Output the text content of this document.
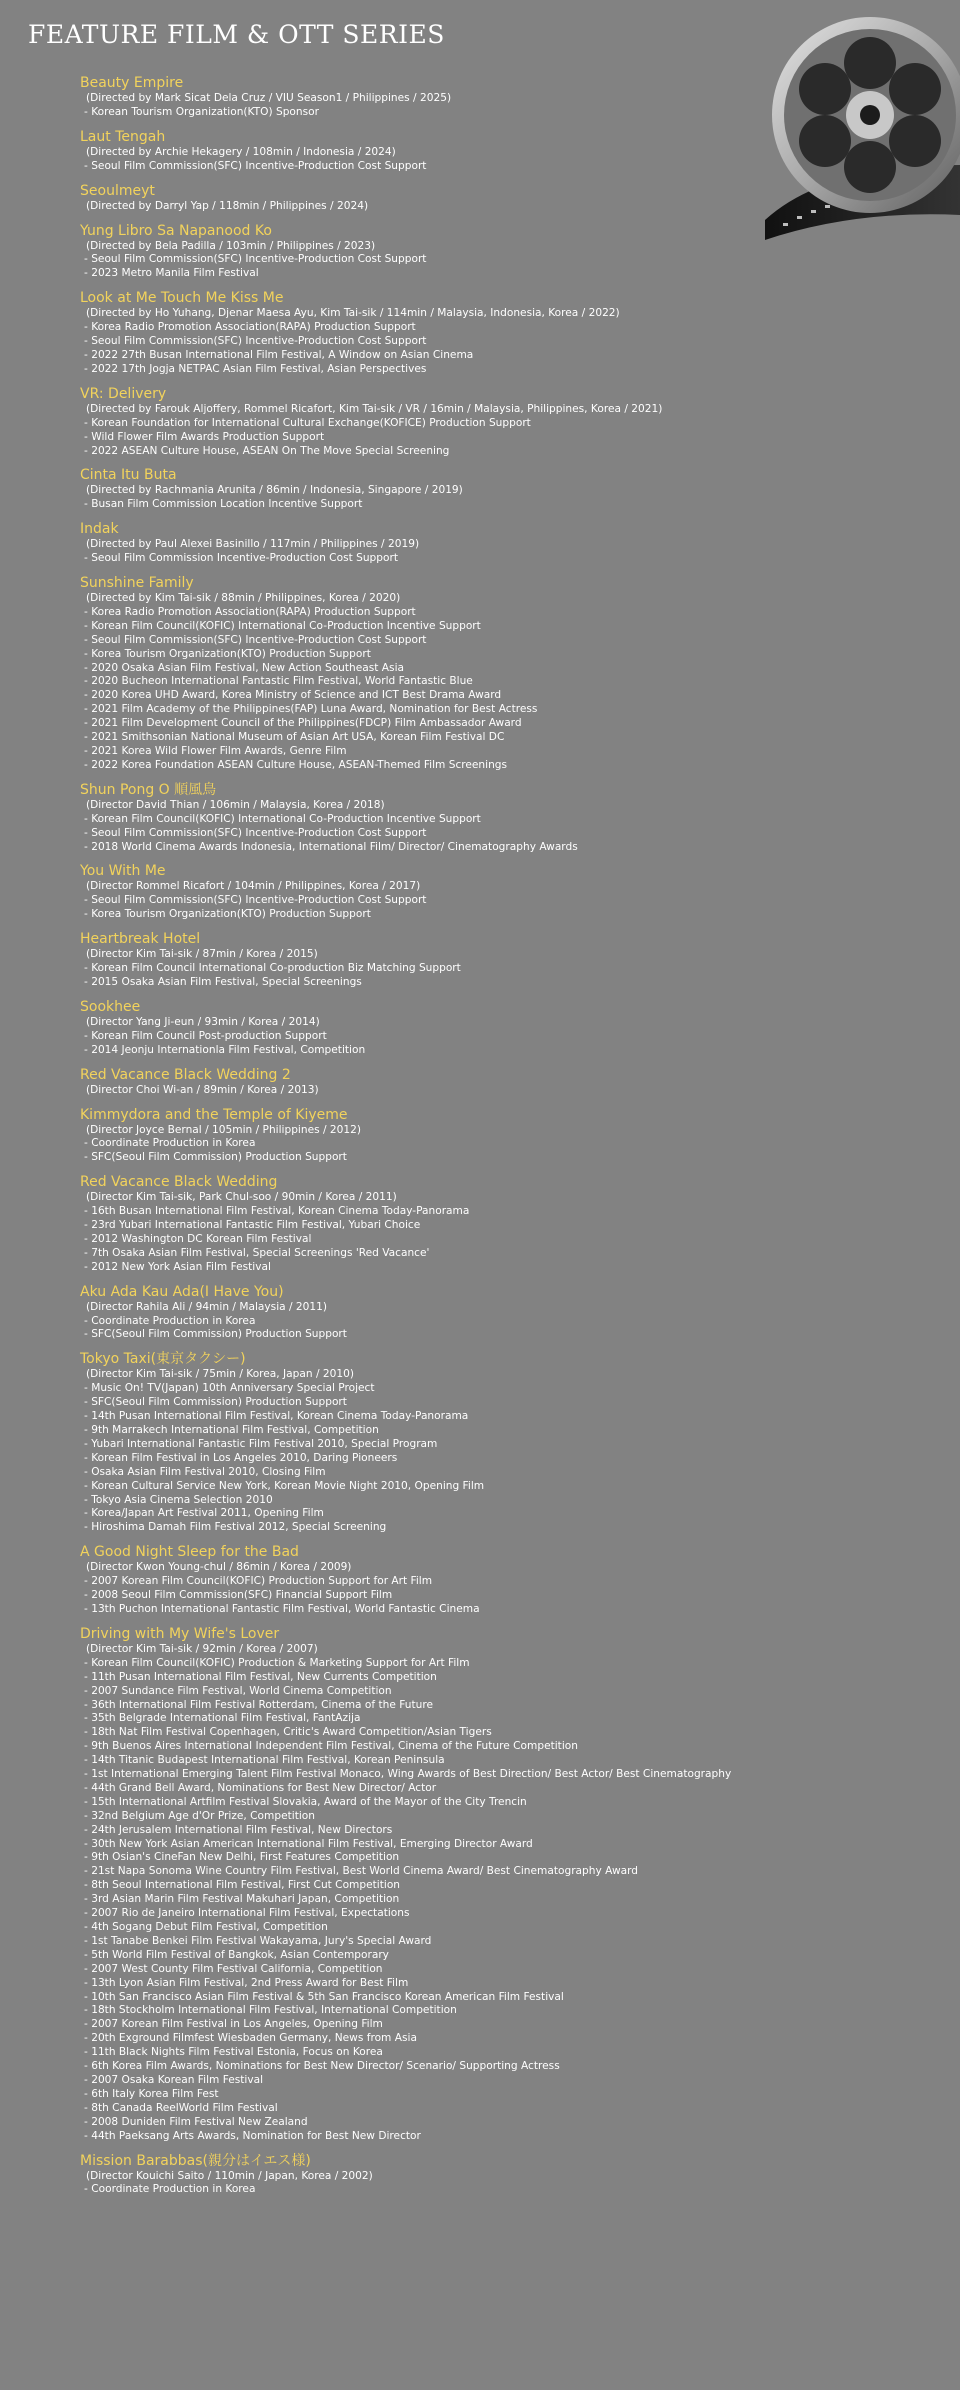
FEATURE FILM & OTT SERIES
Beauty Empire
(Directed by Mark Sicat Dela Cruz / VIU Season1 / Philippines / 2025)
- Korean Tourism Organization(KTO) Sponsor
Laut Tengah
(Directed by Archie Hekagery / 108min / Indonesia / 2024)
- Seoul Film Commission(SFC) Incentive-Production Cost Support
Seoulmeyt
(Directed by Darryl Yap / 118min / Philippines / 2024)
Yung Libro Sa Napanood Ko
(Directed by Bela Padilla / 103min / Philippines / 2023)
- Seoul Film Commission(SFC) Incentive-Production Cost Support
- 2023 Metro Manila Film Festival
Look at Me Touch Me Kiss Me
(Directed by Ho Yuhang, Djenar Maesa Ayu, Kim Tai-sik / 114min / Malaysia, Indonesia, Korea / 2022)
- Korea Radio Promotion Association(RAPA) Production Support
- Seoul Film Commission(SFC) Incentive-Production Cost Support
- 2022 27th Busan International Film Festival, A Window on Asian Cinema
- 2022 17th Jogja NETPAC Asian Film Festival, Asian Perspectives
VR: Delivery
(Directed by Farouk Aljoffery, Rommel Ricafort, Kim Tai-sik / VR / 16min / Malaysia, Philippines, Korea / 2021)
- Korean Foundation for International Cultural Exchange(KOFICE) Production Support
- Wild Flower Film Awards Production Support
- 2022 ASEAN Culture House, ASEAN On The Move Special Screening
Cinta Itu Buta
(Directed by Rachmania Arunita / 86min / Indonesia, Singapore / 2019)
- Busan Film Commission Location Incentive Support
Indak
(Directed by Paul Alexei Basinillo / 117min / Philippines / 2019)
- Seoul Film Commission Incentive-Production Cost Support
Sunshine Family
(Directed by Kim Tai-sik / 88min / Philippines, Korea / 2020)
- Korea Radio Promotion Association(RAPA) Production Support
- Korean Film Council(KOFIC) International Co-Production Incentive Support
- Seoul Film Commission(SFC) Incentive-Production Cost Support
- Korea Tourism Organization(KTO) Production Support
- 2020 Osaka Asian Film Festival, New Action Southeast Asia
- 2020 Bucheon International Fantastic Film Festival, World Fantastic Blue
- 2020 Korea UHD Award, Korea Ministry of Science and ICT Best Drama Award
- 2021 Film Academy of the Philippines(FAP) Luna Award, Nomination for Best Actress
- 2021 Film Development Council of the Philippines(FDCP) Film Ambassador Award
- 2021 Smithsonian National Museum of Asian Art USA, Korean Film Festival DC
- 2021 Korea Wild Flower Film Awards, Genre Film
- 2022 Korea Foundation ASEAN Culture House, ASEAN-Themed Film Screenings
Shun Pong O 順風鳥
(Director David Thian / 106min / Malaysia, Korea / 2018)
- Korean Film Council(KOFIC) International Co-Production Incentive Support
- Seoul Film Commission(SFC) Incentive-Production Cost Support
- 2018 World Cinema Awards Indonesia, International Film/ Director/ Cinematography Awards
You With Me
(Director Rommel Ricafort / 104min / Philippines, Korea / 2017)
- Seoul Film Commission(SFC) Incentive-Production Cost Support
- Korea Tourism Organization(KTO) Production Support
Heartbreak Hotel
(Director Kim Tai-sik / 87min / Korea / 2015)
- Korean Film Council International Co-production Biz Matching Support
- 2015 Osaka Asian Film Festival, Special Screenings
Sookhee
(Director Yang Ji-eun / 93min / Korea / 2014)
- Korean Film Council Post-production Support
- 2014 Jeonju Internationla Film Festival, Competition
Red Vacance Black Wedding 2
(Director Choi Wi-an / 89min / Korea / 2013)
Kimmydora and the Temple of Kiyeme
(Director Joyce Bernal / 105min / Philippines / 2012)
- Coordinate Production in Korea
- SFC(Seoul Film Commission) Production Support
Red Vacance Black Wedding
(Director Kim Tai-sik, Park Chul-soo / 90min / Korea / 2011)
- 16th Busan International Film Festival, Korean Cinema Today-Panorama
- 23rd Yubari International Fantastic Film Festival, Yubari Choice
- 2012 Washington DC Korean Film Festival
- 7th Osaka Asian Film Festival, Special Screenings 'Red Vacance'
- 2012 New York Asian Film Festival
Aku Ada Kau Ada(I Have You)
(Director Rahila Ali / 94min / Malaysia / 2011)
- Coordinate Production in Korea
- SFC(Seoul Film Commission) Production Support
Tokyo Taxi(東京タクシー)
(Director Kim Tai-sik / 75min / Korea, Japan / 2010)
- Music On! TV(Japan) 10th Anniversary Special Project
- SFC(Seoul Film Commission) Production Support
- 14th Pusan International Film Festival, Korean Cinema Today-Panorama
- 9th Marrakech International Film Festival, Competition
- Yubari International Fantastic Film Festival 2010, Special Program
- Korean Film Festival in Los Angeles 2010, Daring Pioneers
- Osaka Asian Film Festival 2010, Closing Film
- Korean Cultural Service New York, Korean Movie Night 2010, Opening Film
- Tokyo Asia Cinema Selection 2010
- Korea/Japan Art Festival 2011, Opening Film
- Hiroshima Damah Film Festival 2012, Special Screening
A Good Night Sleep for the Bad
(Director Kwon Young-chul / 86min / Korea / 2009)
- 2007 Korean Film Council(KOFIC) Production Support for Art Film
- 2008 Seoul Film Commission(SFC) Financial Support Film
- 13th Puchon International Fantastic Film Festival, World Fantastic Cinema
Driving with My Wife's Lover
(Director Kim Tai-sik / 92min / Korea / 2007)
- Korean Film Council(KOFIC) Production & Marketing Support for Art Film
- 11th Pusan International Film Festival, New Currents Competition
- 2007 Sundance Film Festival, World Cinema Competition
- 36th International Film Festival Rotterdam, Cinema of the Future
- 35th Belgrade International Film Festival, FantAzija
- 18th Nat Film Festival Copenhagen, Critic's Award Competition/Asian Tigers
- 9th Buenos Aires International Independent Film Festival, Cinema of the Future Competition
- 14th Titanic Budapest International Film Festival, Korean Peninsula
- 1st International Emerging Talent Film Festival Monaco, Wing Awards of Best Direction/ Best Actor/ Best Cinematography
- 44th Grand Bell Award, Nominations for Best New Director/ Actor
- 15th International Artfilm Festival Slovakia, Award of the Mayor of the City Trencin
- 32nd Belgium Age d'Or Prize, Competition
- 24th Jerusalem International Film Festival, New Directors
- 30th New York Asian American International Film Festival, Emerging Director Award
- 9th Osian's CineFan New Delhi, First Features Competition
- 21st Napa Sonoma Wine Country Film Festival, Best World Cinema Award/ Best Cinematography Award
- 8th Seoul International Film Festival, First Cut Competition
- 3rd Asian Marin Film Festival Makuhari Japan, Competition
- 2007 Rio de Janeiro International Film Festival, Expectations
- 4th Sogang Debut Film Festival, Competition
- 1st Tanabe Benkei Film Festival Wakayama, Jury's Special Award
- 5th World Film Festival of Bangkok, Asian Contemporary
- 2007 West County Film Festival California, Competition
- 13th Lyon Asian Film Festival, 2nd Press Award for Best Film
- 10th San Francisco Asian Film Festival & 5th San Francisco Korean American Film Festival
- 18th Stockholm International Film Festival, International Competition
- 2007 Korean Film Festival in Los Angeles, Opening Film
- 20th Exground Filmfest Wiesbaden Germany, News from Asia
- 11th Black Nights Film Festival Estonia, Focus on Korea
- 6th Korea Film Awards, Nominations for Best New Director/ Scenario/ Supporting Actress
- 2007 Osaka Korean Film Festival
- 6th Italy Korea Film Fest
- 8th Canada ReelWorld Film Festival
- 2008 Duniden Film Festival New Zealand
- 44th Paeksang Arts Awards, Nomination for Best New Director
Mission Barabbas(親分はイエス様)
(Director Kouichi Saito / 110min / Japan, Korea / 2002)
- Coordinate Production in Korea
